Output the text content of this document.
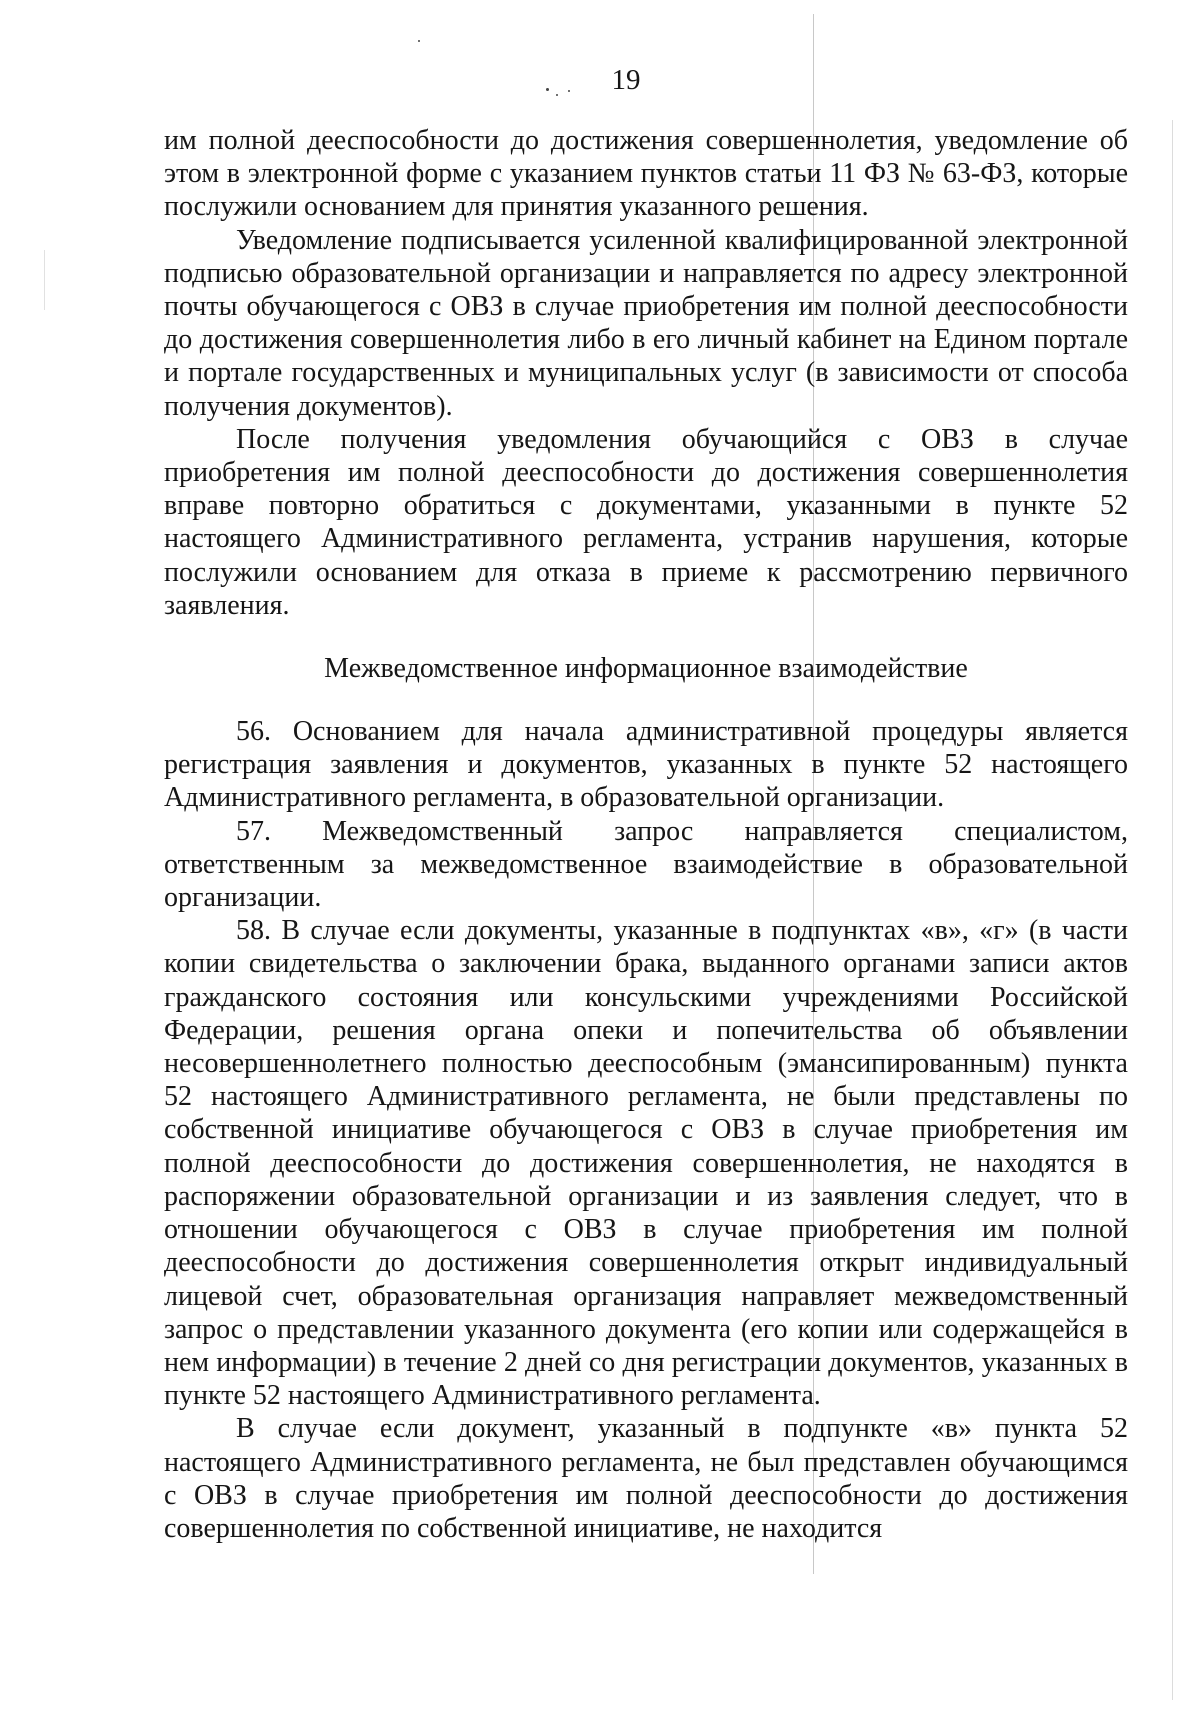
19

им полной дееспособности до достижения совершеннолетия, уведомление об этом в электронной форме с указанием пунктов статьи 11 ФЗ № 63-ФЗ, которые послужили основанием для принятия указанного решения.

Уведомление подписывается усиленной квалифицированной электронной подписью образовательной организации и направляется по адресу электронной почты обучающегося с ОВЗ в случае приобретения им полной дееспособности до достижения совершеннолетия либо в его личный кабинет на Едином портале и портале государственных и муниципальных услуг (в зависимости от способа получения документов).

После получения уведомления обучающийся с ОВЗ в случае приобретения им полной дееспособности до достижения совершеннолетия вправе повторно обратиться с документами, указанными в пункте 52 настоящего Административного регламента, устранив нарушения, которые послужили основанием для отказа в приеме к рассмотрению первичного заявления.

Межведомственное информационное взаимодействие

56. Основанием для начала административной процедуры является регистрация заявления и документов, указанных в пункте 52 настоящего Административного регламента, в образовательной организации.

57. Межведомственный запрос направляется специалистом, ответственным за межведомственное взаимодействие в образовательной организации.

58. В случае если документы, указанные в подпунктах «в», «г» (в части копии свидетельства о заключении брака, выданного органами записи актов гражданского состояния или консульскими учреждениями Российской Федерации, решения органа опеки и попечительства об объявлении несовершеннолетнего полностью дееспособным (эмансипированным) пункта 52 настоящего Административного регламента, не были представлены по собственной инициативе обучающегося с ОВЗ в случае приобретения им полной дееспособности до достижения совершеннолетия, не находятся в распоряжении образовательной организации и из заявления следует, что в отношении обучающегося с ОВЗ в случае приобретения им полной дееспособности до достижения совершеннолетия открыт индивидуальный лицевой счет, образовательная организация направляет межведомственный запрос о представлении указанного документа (его копии или содержащейся в нем информации) в течение 2 дней со дня регистрации документов, указанных в пункте 52 настоящего Административного регламента.

В случае если документ, указанный в подпункте «в» пункта 52 настоящего Административного регламента, не был представлен обучающимся с ОВЗ в случае приобретения им полной дееспособности до достижения совершеннолетия по собственной инициативе, не находится
